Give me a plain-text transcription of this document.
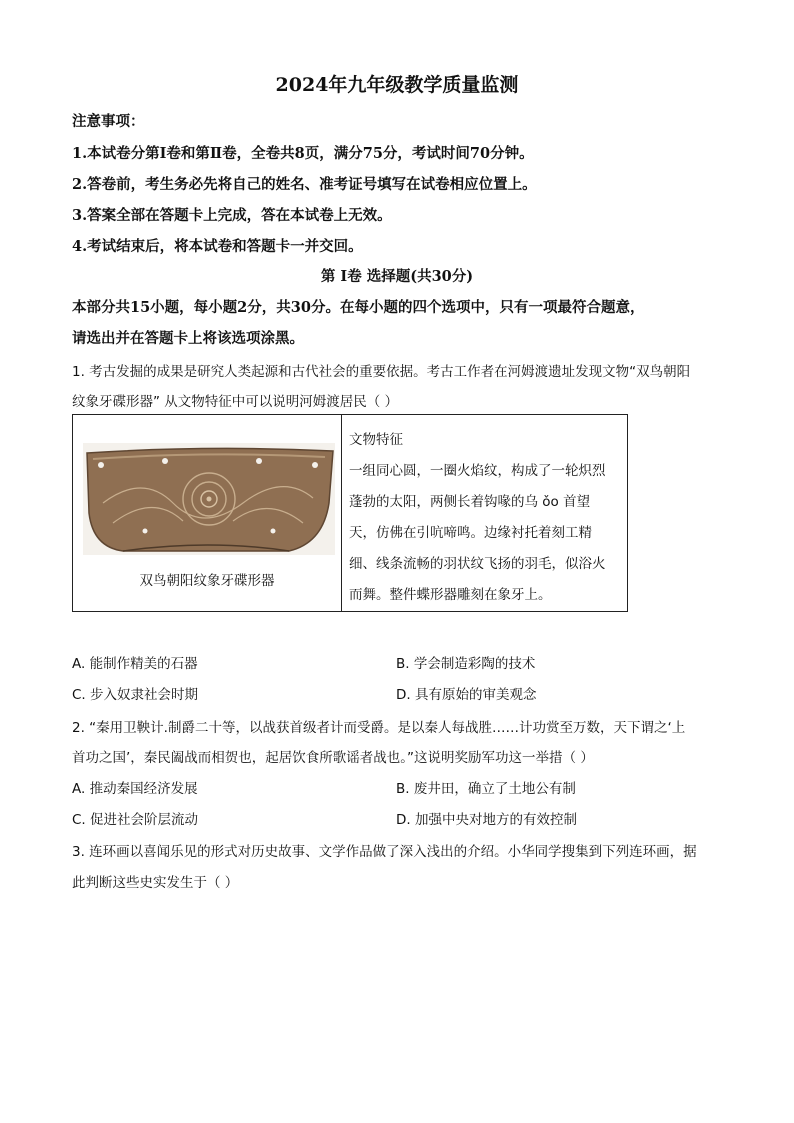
2024年九年级教学质量监测
注意事项：
1.本试卷分第Ⅰ卷和第Ⅱ卷，全卷共8页，满分75分，考试时间70分钟。
2.答卷前，考生务必先将自己的姓名、准考证号填写在试卷相应位置上。
3.答案全部在答题卡上完成，答在本试卷上无效。
4.考试结束后，将本试卷和答题卡一并交回。
第 Ⅰ卷 选择题(共30分)
本部分共15小题，每小题2分，共30分。在每小题的四个选项中，只有一项最符合题意，
请选出并在答题卡上将该选项涂黑。
1. 考古发掘的成果是研究人类起源和古代社会的重要依据。考古工作者在河姆渡遗址发现文物“双鸟朝阳
纹象牙碟形器” 从文物特征中可以说明河姆渡居民（ ）
双鸟朝阳纹象牙碟形器
文物特征
一组同心圆，一圈火焰纹，构成了一轮炽烈
蓬勃的太阳，两侧长着钩喙的乌 ǒo 首望
天，仿佛在引吭啼鸣。边缘衬托着刻工精
细、线条流畅的羽状纹飞扬的羽毛，似浴火
而舞。整件蝶形器雕刻在象牙上。
A. 能制作精美的石器	B. 学会制造彩陶的技术
C. 步入奴隶社会时期	D. 具有原始的审美观念
2. “秦用卫鞅计.制爵二十等，以战获首级者计而受爵。是以秦人每战胜……计功赏至万数，天下谓之‘上
首功之国’，秦民阖战而相贺也，起居饮食所歌谣者战也。”这说明奖励军功这一举措（ ）
A. 推动秦国经济发展	B. 废井田，确立了土地公有制
C. 促进社会阶层流动	D. 加强中央对地方的有效控制
3. 连环画以喜闻乐见的形式对历史故事、文学作品做了深入浅出的介绍。小华同学搜集到下列连环画，据
此判断这些史实发生于（ ）
